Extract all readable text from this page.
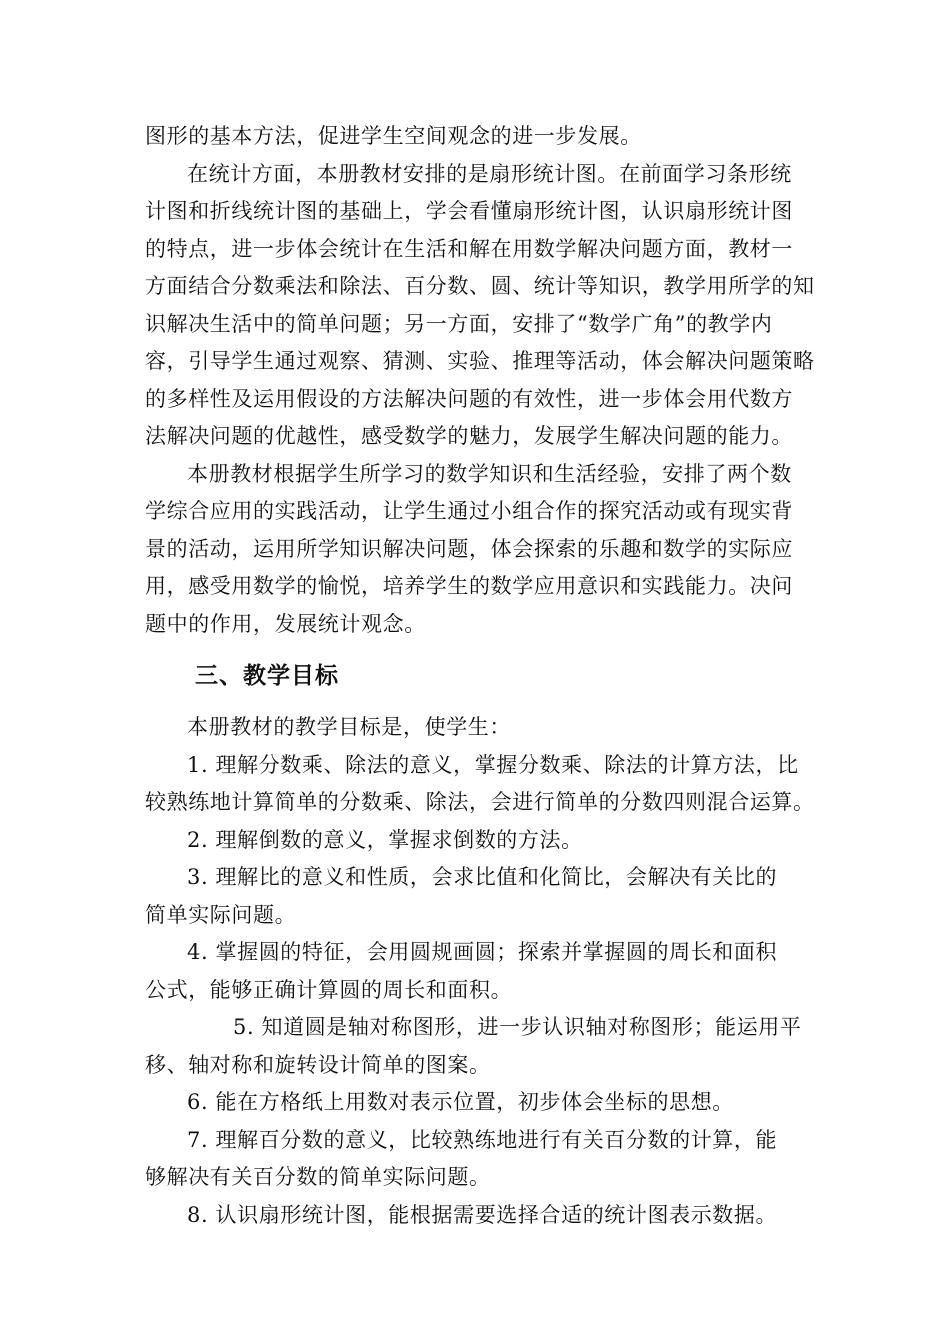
图形的基本方法，促进学生空间观念的进一步发展。

在统计方面，本册教材安排的是扇形统计图。在前面学习条形统

计图和折线统计图的基础上，学会看懂扇形统计图，认识扇形统计图

的特点，进一步体会统计在生活和解在用数学解决问题方面，教材一

方面结合分数乘法和除法、百分数、圆、统计等知识，教学用所学的知

识解决生活中的简单问题；另一方面，安排了“数学广角”的教学内

容，引导学生通过观察、猜测、实验、推理等活动，体会解决问题策略

的多样性及运用假设的方法解决问题的有效性，进一步体会用代数方

法解决问题的优越性，感受数学的魅力，发展学生解决问题的能力。

本册教材根据学生所学习的数学知识和生活经验，安排了两个数

学综合应用的实践活动，让学生通过小组合作的探究活动或有现实背

景的活动，运用所学知识解决问题，体会探索的乐趣和数学的实际应

用，感受用数学的愉悦，培养学生的数学应用意识和实践能力。决问

题中的作用，发展统计观念。

三、教学目标

本册教材的教学目标是，使学生：

1. 理解分数乘、除法的意义，掌握分数乘、除法的计算方法，比

较熟练地计算简单的分数乘、除法，会进行简单的分数四则混合运算。

2. 理解倒数的意义，掌握求倒数的方法。

3. 理解比的意义和性质，会求比值和化简比，会解决有关比的

简单实际问题。

4. 掌握圆的特征，会用圆规画圆；探索并掌握圆的周长和面积

公式，能够正确计算圆的周长和面积。

5. 知道圆是轴对称图形，进一步认识轴对称图形；能运用平

移、轴对称和旋转设计简单的图案。

6. 能在方格纸上用数对表示位置，初步体会坐标的思想。

7. 理解百分数的意义，比较熟练地进行有关百分数的计算，能

够解决有关百分数的简单实际问题。

8. 认识扇形统计图，能根据需要选择合适的统计图表示数据。
